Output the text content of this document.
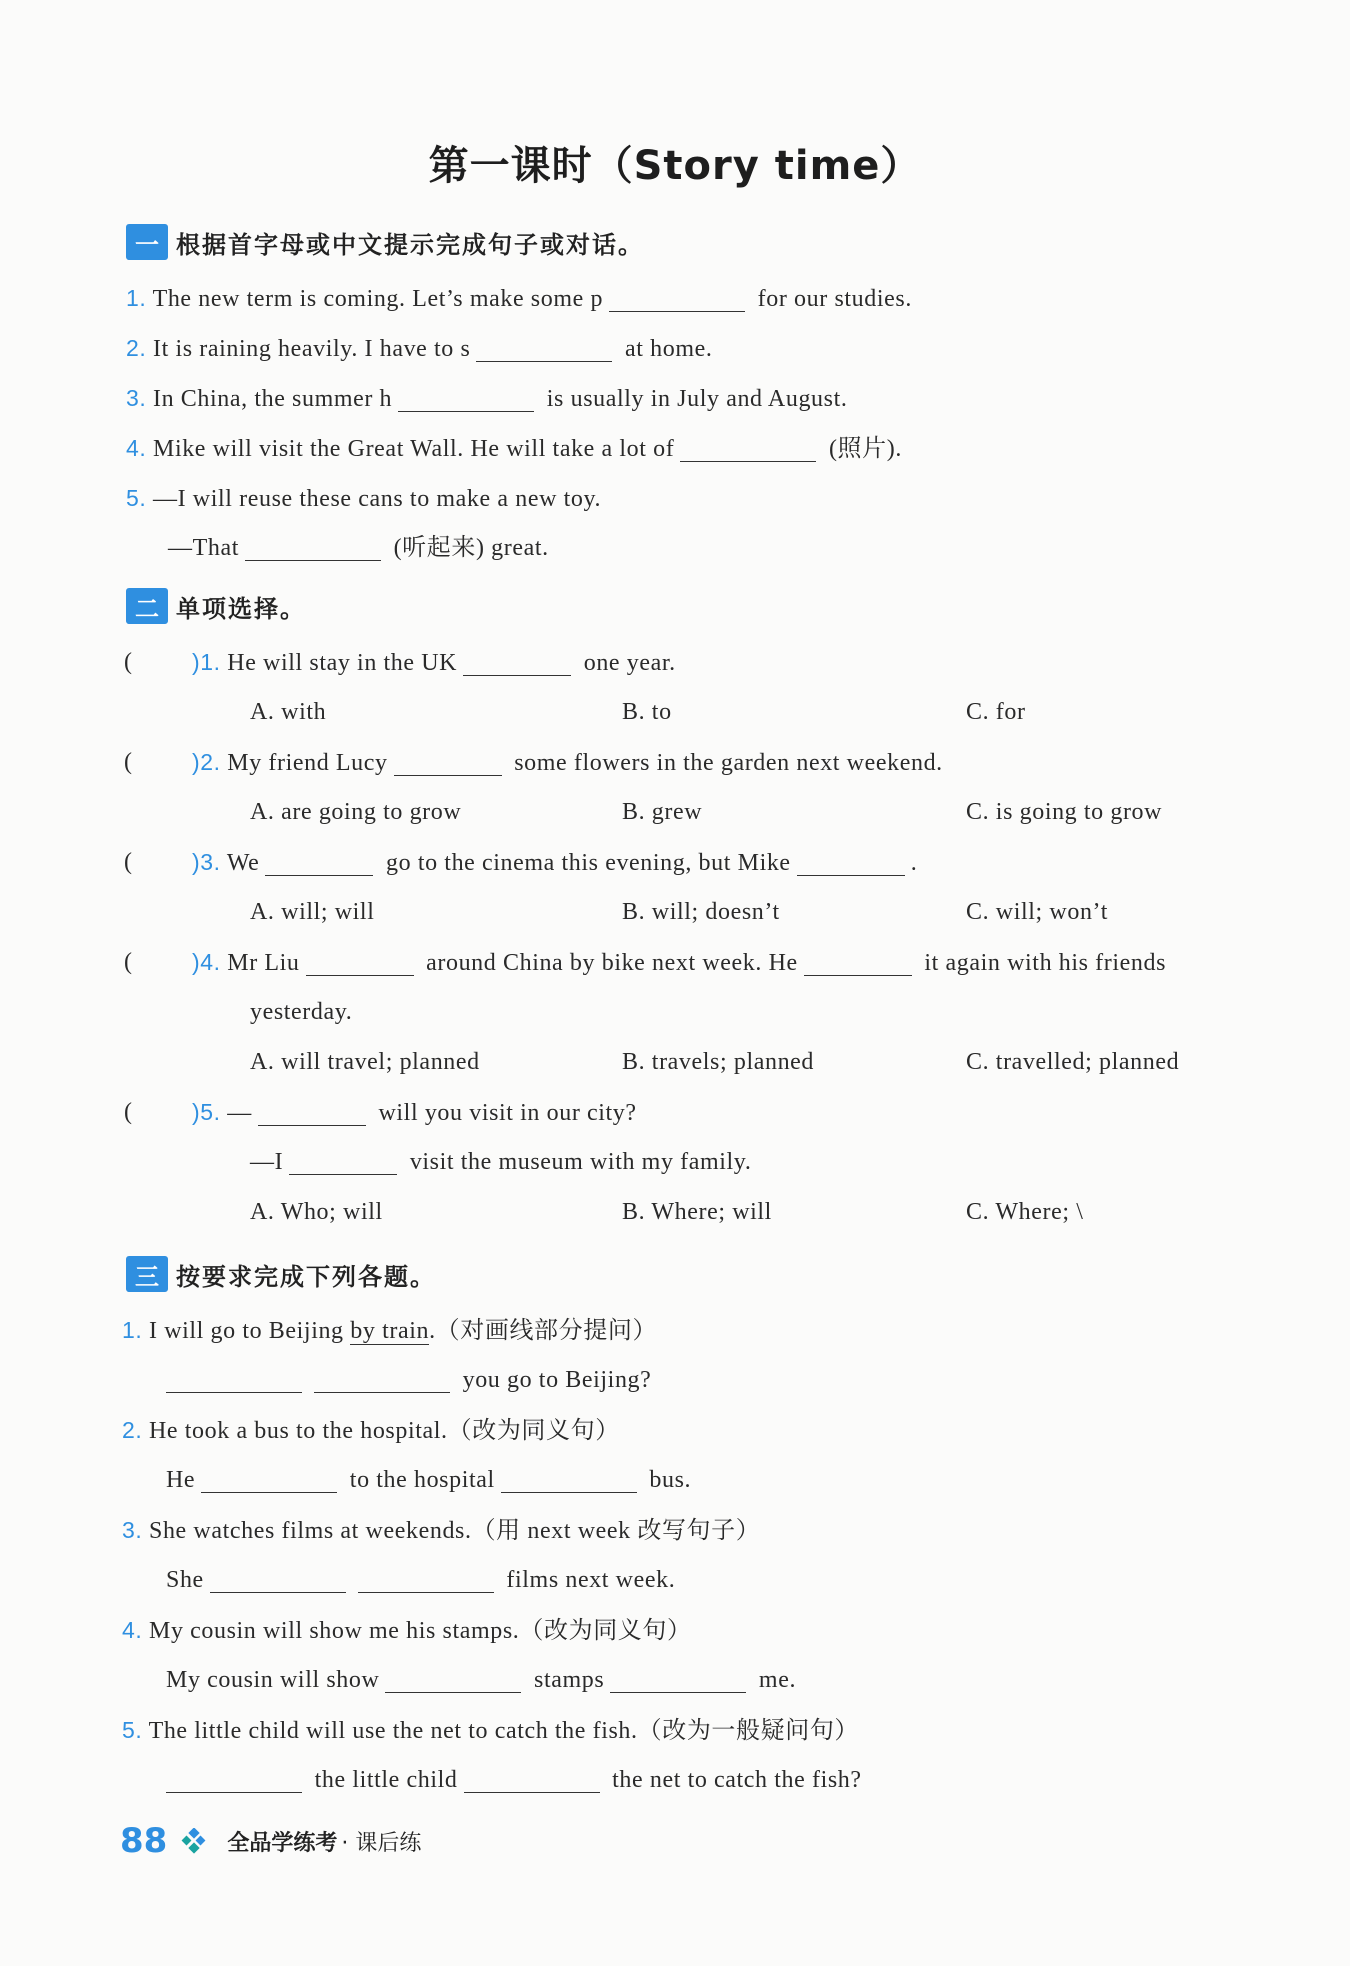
第一课时（Story time）
一 根据首字母或中文提示完成句子或对话。
1. The new term is coming. Let’s make some p	for our studies.
2. It is raining heavily. I have to s	at home.
3. In China, the summer h	is usually in July and August.
4. Mike will visit the Great Wall. He will take a lot of	(照片).
5. —I will reuse these cans to make a new toy.
—That	(听起来) great.
二 单项选择。
(	)1. He will stay in the UK	one year.
A. with	B. to	C. for
(	)2. My friend Lucy	some flowers in the garden next weekend.
A. are going to grow	B. grew	C. is going to grow
(	)3. We	go to the cinema this evening, but Mike	.
A. will; will	B. will; doesn’t	C. will; won’t
(	)4. Mr Liu	around China by bike next week. He	it again with his friends
yesterday.
A. will travel; planned	B. travels; planned	C. travelled; planned
(	)5. —	will you visit in our city?
—I	visit the museum with my family.
A. Who; will	B. Where; will	C. Where; \
三 按要求完成下列各题。
1. I will go to Beijing by train.（对画线部分提问）
you go to Beijing?
2. He took a bus to the hospital.（改为同义句）
He	to the hospital	bus.
3. She watches films at weekends.（用 next week 改写句子）
She	films next week.
4. My cousin will show me his stamps.（改为同义句）
My cousin will show	stamps	me.
5. The little child will use the net to catch the fish.（改为一般疑问句）
the little child	the net to catch the fish?
88	全品学练考 · 课后练
